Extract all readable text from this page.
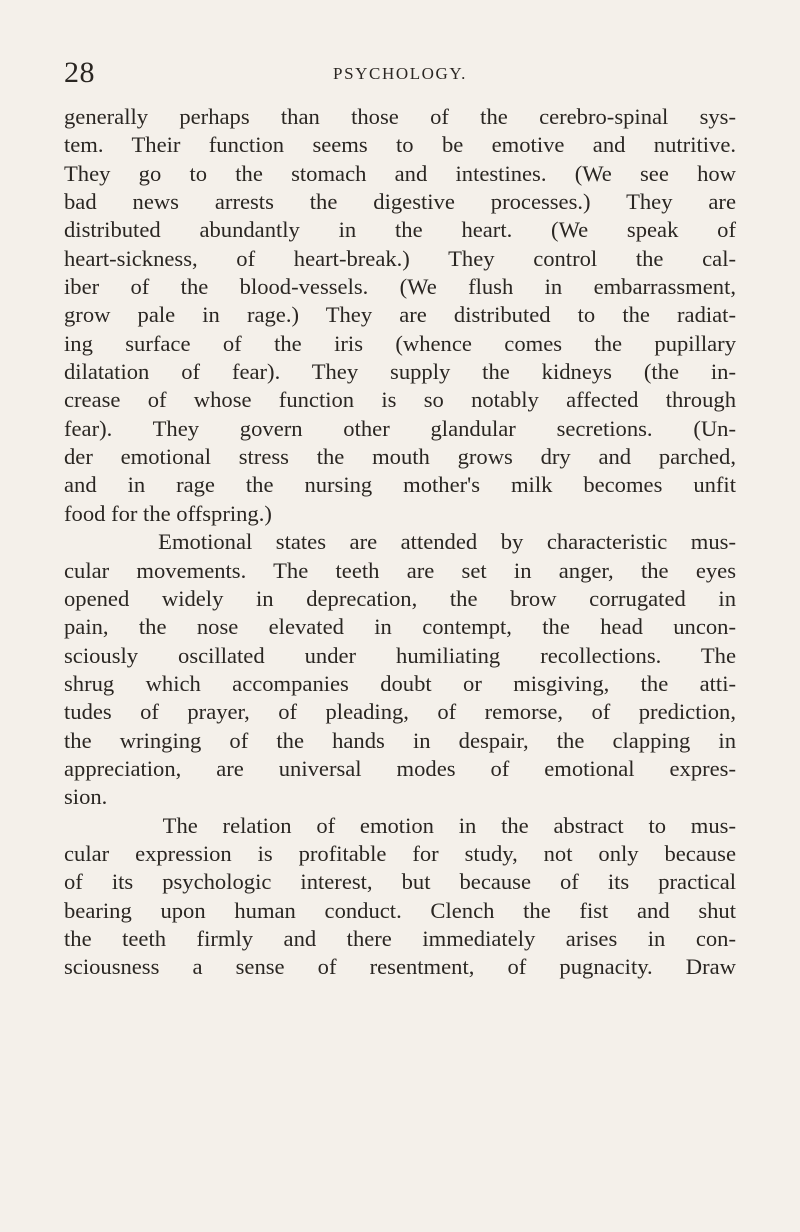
28	PSYCHOLOGY.
generally perhaps than those of the cerebro-spinal sys-
tem. Their function seems to be emotive and nutritive.
They go to the stomach and intestines. (We see how
bad news arrests the digestive processes.) They are
distributed abundantly in the heart. (We speak of
heart-sickness, of heart-break.) They control the cal-
iber of the blood-vessels. (We flush in embarrassment,
grow pale in rage.) They are distributed to the radiat-
ing surface of the iris (whence comes the pupillary
dilatation of fear). They supply the kidneys (the in-
crease of whose function is so notably affected through
fear). They govern other glandular secretions. (Un-
der emotional stress the mouth grows dry and parched,
and in rage the nursing mother's milk becomes unfit
food for the offspring.)
Emotional states are attended by characteristic mus-
cular movements. The teeth are set in anger, the eyes
opened widely in deprecation, the brow corrugated in
pain, the nose elevated in contempt, the head uncon-
sciously oscillated under humiliating recollections. The
shrug which accompanies doubt or misgiving, the atti-
tudes of prayer, of pleading, of remorse, of prediction,
the wringing of the hands in despair, the clapping in
appreciation, are universal modes of emotional expres-
sion.
The relation of emotion in the abstract to mus-
cular expression is profitable for study, not only because
of its psychologic interest, but because of its practical
bearing upon human conduct. Clench the fist and shut
the teeth firmly and there immediately arises in con-
sciousness a sense of resentment, of pugnacity. Draw
